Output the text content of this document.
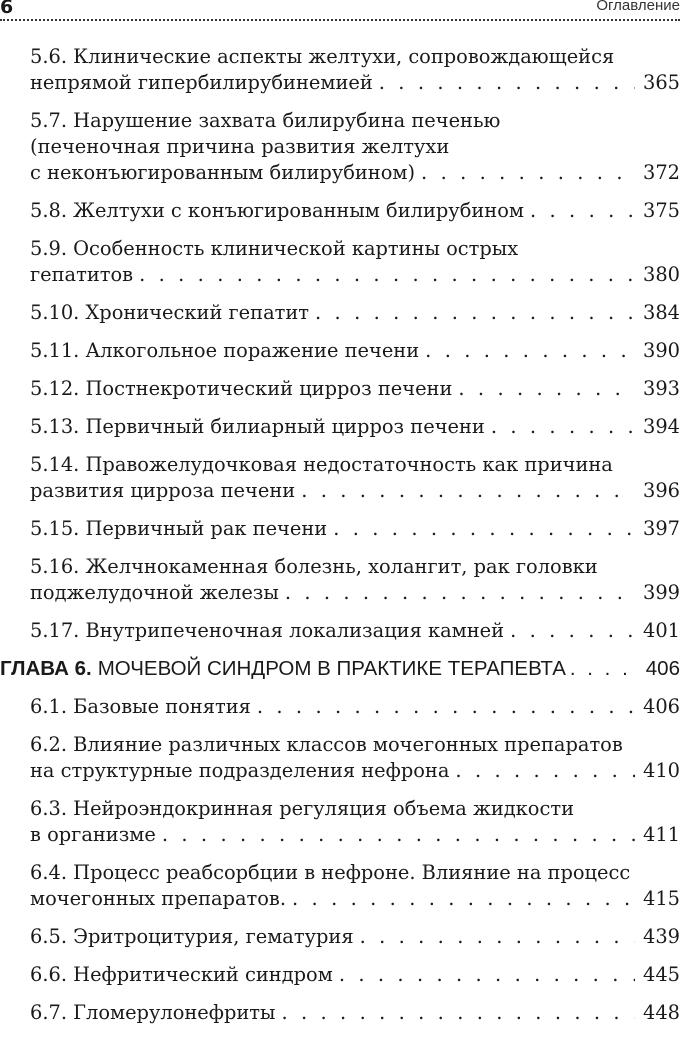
6	Оглавление
5.6. Клинические аспекты желтухи, сопровождающейся
непрямой гипербилирубинемией . . .	365
5.7. Нарушение захвата билирубина печенью
(печеночная причина развития желтухи
с неконъюгированным билирубином) . . .	372
5.8. Желтухи с конъюгированным билирубином . . .	375
5.9. Особенность клинической картины острых
гепатитов . . .	380
5.10. Хронический гепатит . . .	384
5.11. Алкогольное поражение печени . . .	390
5.12. Постнекротический цирроз печени . . .	393
5.13. Первичный билиарный цирроз печени . . .	394
5.14. Правожелудочковая недостаточность как причина
развития цирроза печени . . .	396
5.15. Первичный рак печени . . .	397
5.16. Желчнокаменная болезнь, холангит, рак головки
поджелудочной железы . . .	399
5.17. Внутрипеченочная локализация камней . . .	401
ГЛАВА 6. МОЧЕВОЙ СИНДРОМ В ПРАКТИКЕ ТЕРАПЕВТА . . .	406
6.1. Базовые понятия . . .	406
6.2. Влияние различных классов мочегонных препаратов
на структурные подразделения нефрона . . .	410
6.3. Нейроэндокринная регуляция объема жидкости
в организме . . .	411
6.4. Процесс реабсорбции в нефроне. Влияние на процесс
мочегонных препаратов. . . .	415
6.5. Эритроцитурия, гематурия . . .	439
6.6. Нефритический синдром . . .	445
6.7. Гломерулонефриты . . .	448
